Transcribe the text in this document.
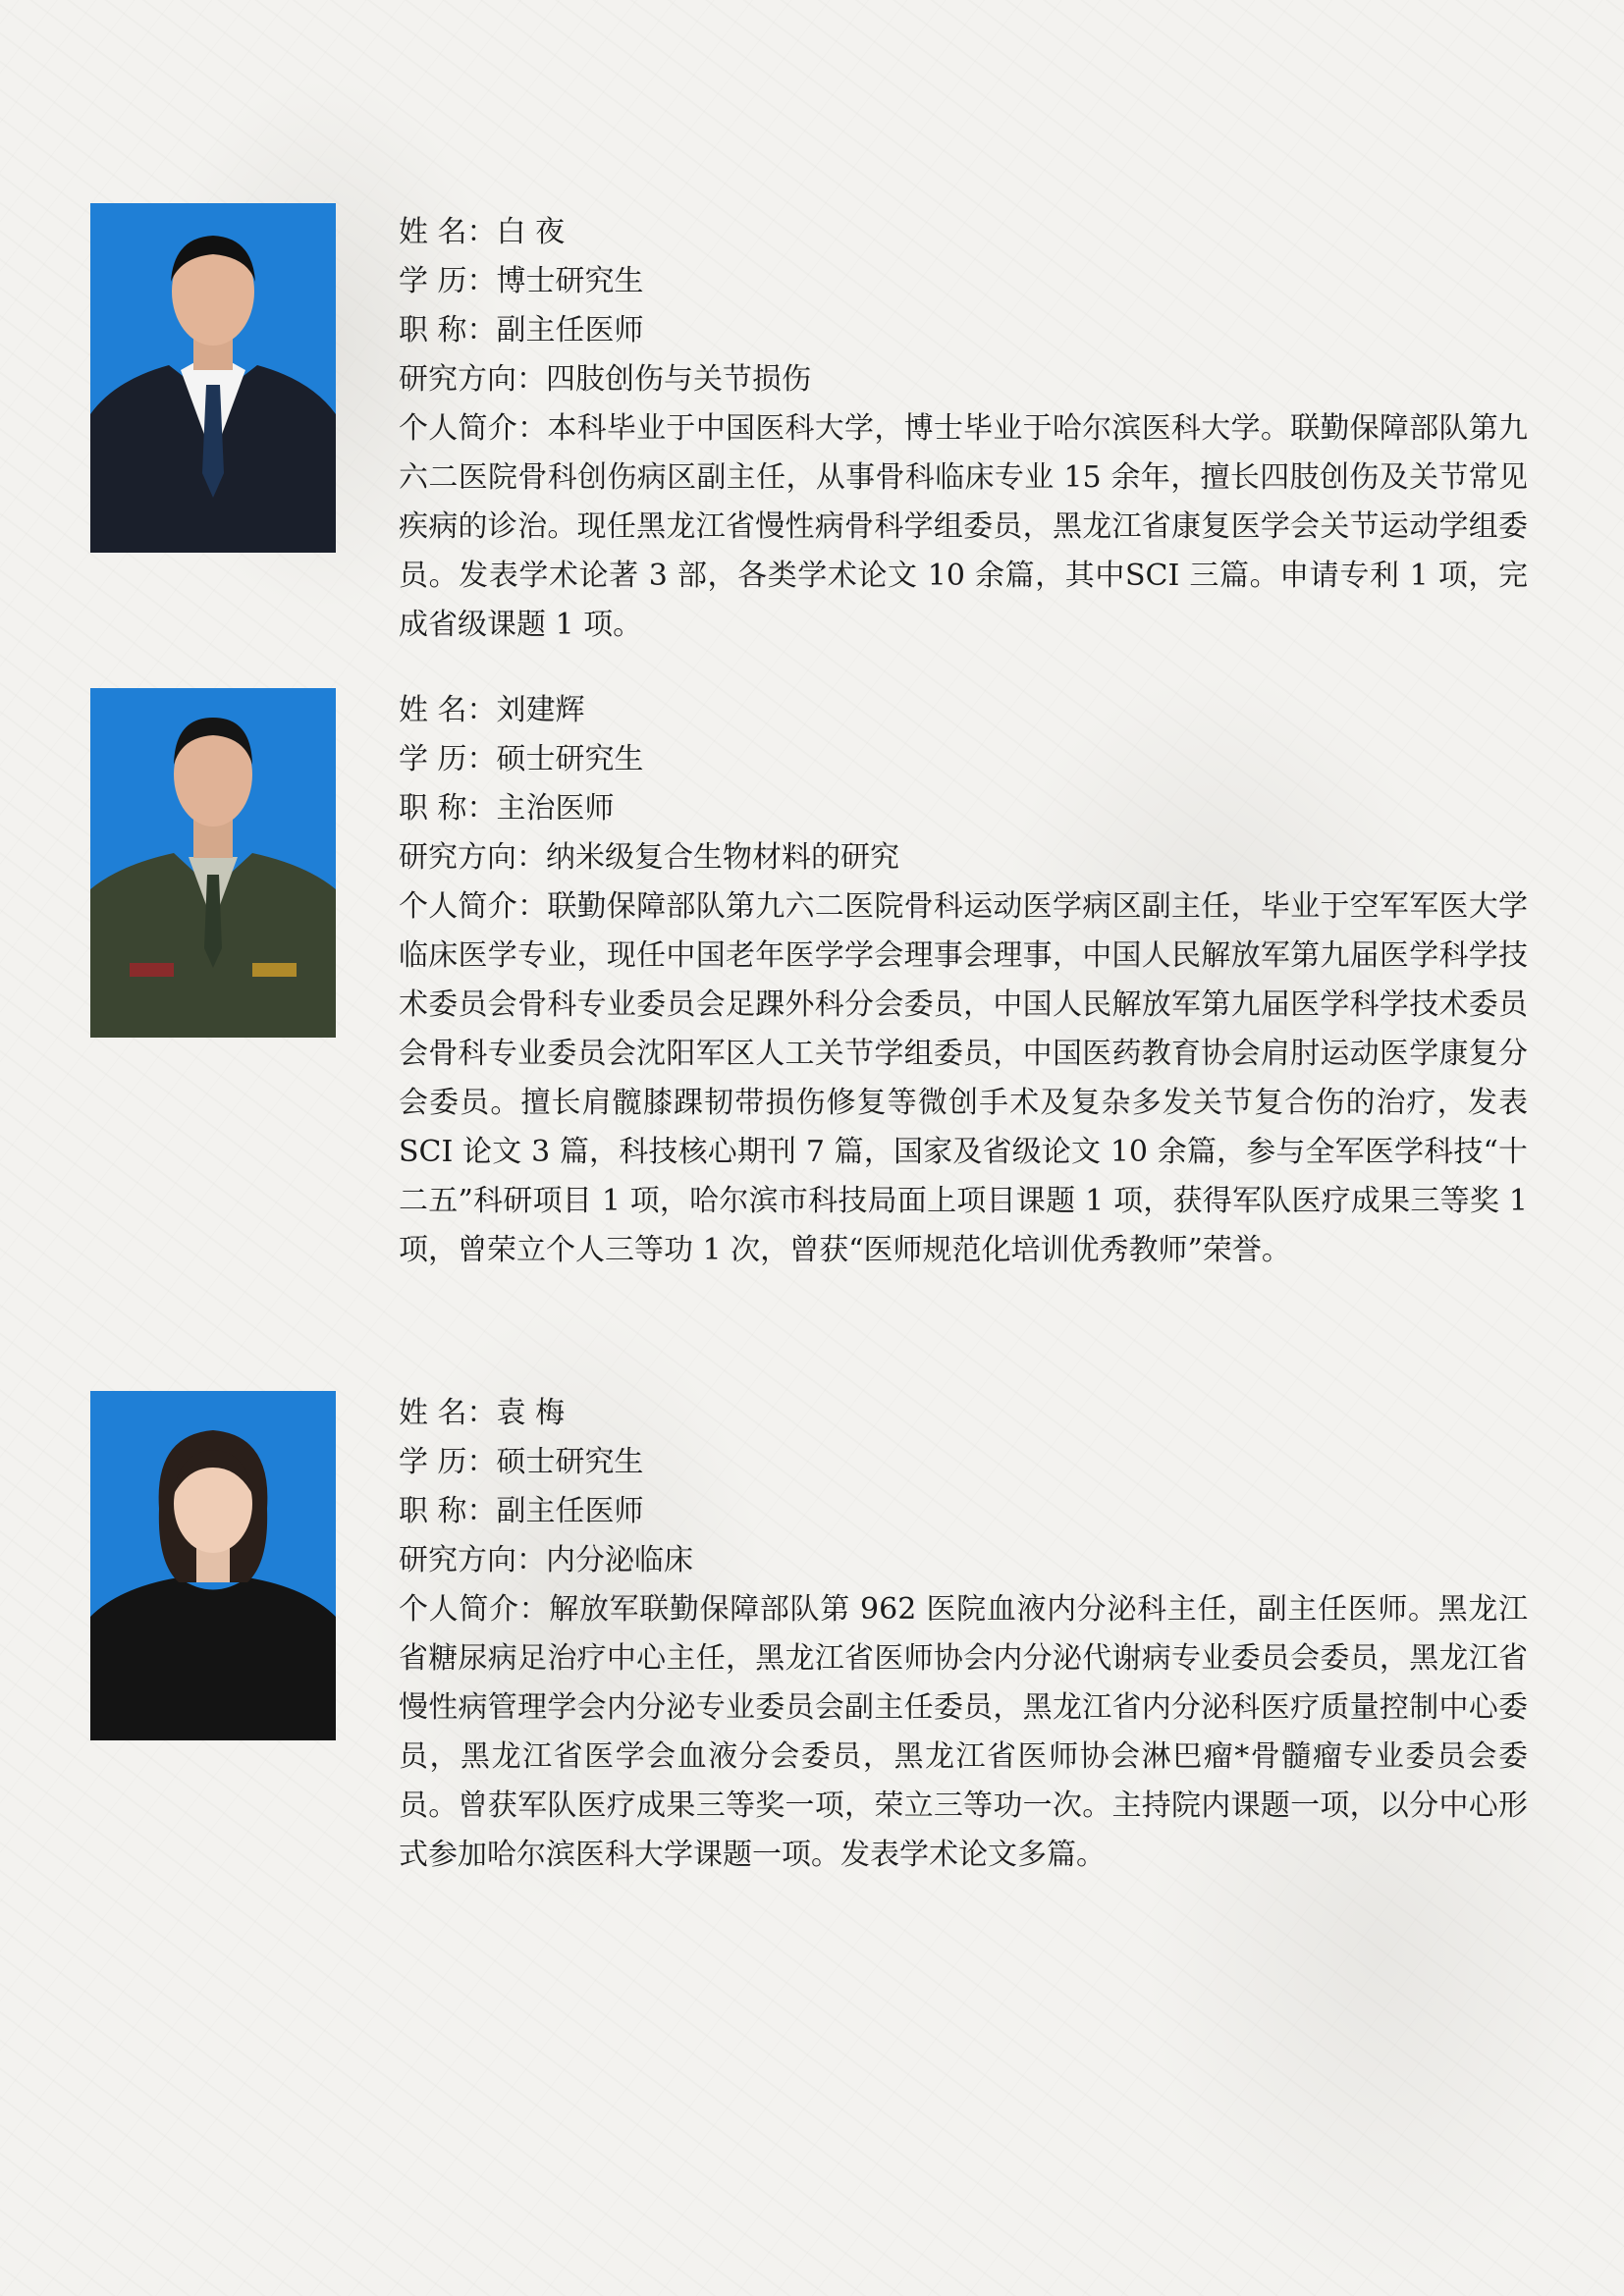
姓 名：白 夜
学 历：博士研究生
职 称：副主任医师
研究方向：四肢创伤与关节损伤
个人简介：本科毕业于中国医科大学，博士毕业于哈尔滨医科大学。联勤保障部队第九六二医院骨科创伤病区副主任，从事骨科临床专业 15 余年，擅长四肢创伤及关节常见疾病的诊治。现任黑龙江省慢性病骨科学组委员，黑龙江省康复医学会关节运动学组委员。发表学术论著 3 部，各类学术论文 10 余篇，其中SCI 三篇。申请专利 1 项，完成省级课题 1 项。
姓 名：刘建辉
学 历：硕士研究生
职 称：主治医师
研究方向：纳米级复合生物材料的研究
个人简介：联勤保障部队第九六二医院骨科运动医学病区副主任，毕业于空军军医大学临床医学专业，现任中国老年医学学会理事会理事，中国人民解放军第九届医学科学技术委员会骨科专业委员会足踝外科分会委员，中国人民解放军第九届医学科学技术委员会骨科专业委员会沈阳军区人工关节学组委员，中国医药教育协会肩肘运动医学康复分会委员。擅长肩髋膝踝韧带损伤修复等微创手术及复杂多发关节复合伤的治疗，发表 SCI 论文 3 篇，科技核心期刊 7 篇，国家及省级论文 10 余篇，参与全军医学科技“十二五”科研项目 1 项，哈尔滨市科技局面上项目课题 1 项，获得军队医疗成果三等奖 1 项，曾荣立个人三等功 1 次，曾获“医师规范化培训优秀教师”荣誉。
姓 名：袁 梅
学 历：硕士研究生
职 称：副主任医师
研究方向：内分泌临床
个人简介：解放军联勤保障部队第 962 医院血液内分泌科主任，副主任医师。黑龙江省糖尿病足治疗中心主任，黑龙江省医师协会内分泌代谢病专业委员会委员，黑龙江省慢性病管理学会内分泌专业委员会副主任委员，黑龙江省内分泌科医疗质量控制中心委员，黑龙江省医学会血液分会委员，黑龙江省医师协会淋巴瘤*骨髓瘤专业委员会委员。曾获军队医疗成果三等奖一项，荣立三等功一次。主持院内课题一项，以分中心形式参加哈尔滨医科大学课题一项。发表学术论文多篇。
